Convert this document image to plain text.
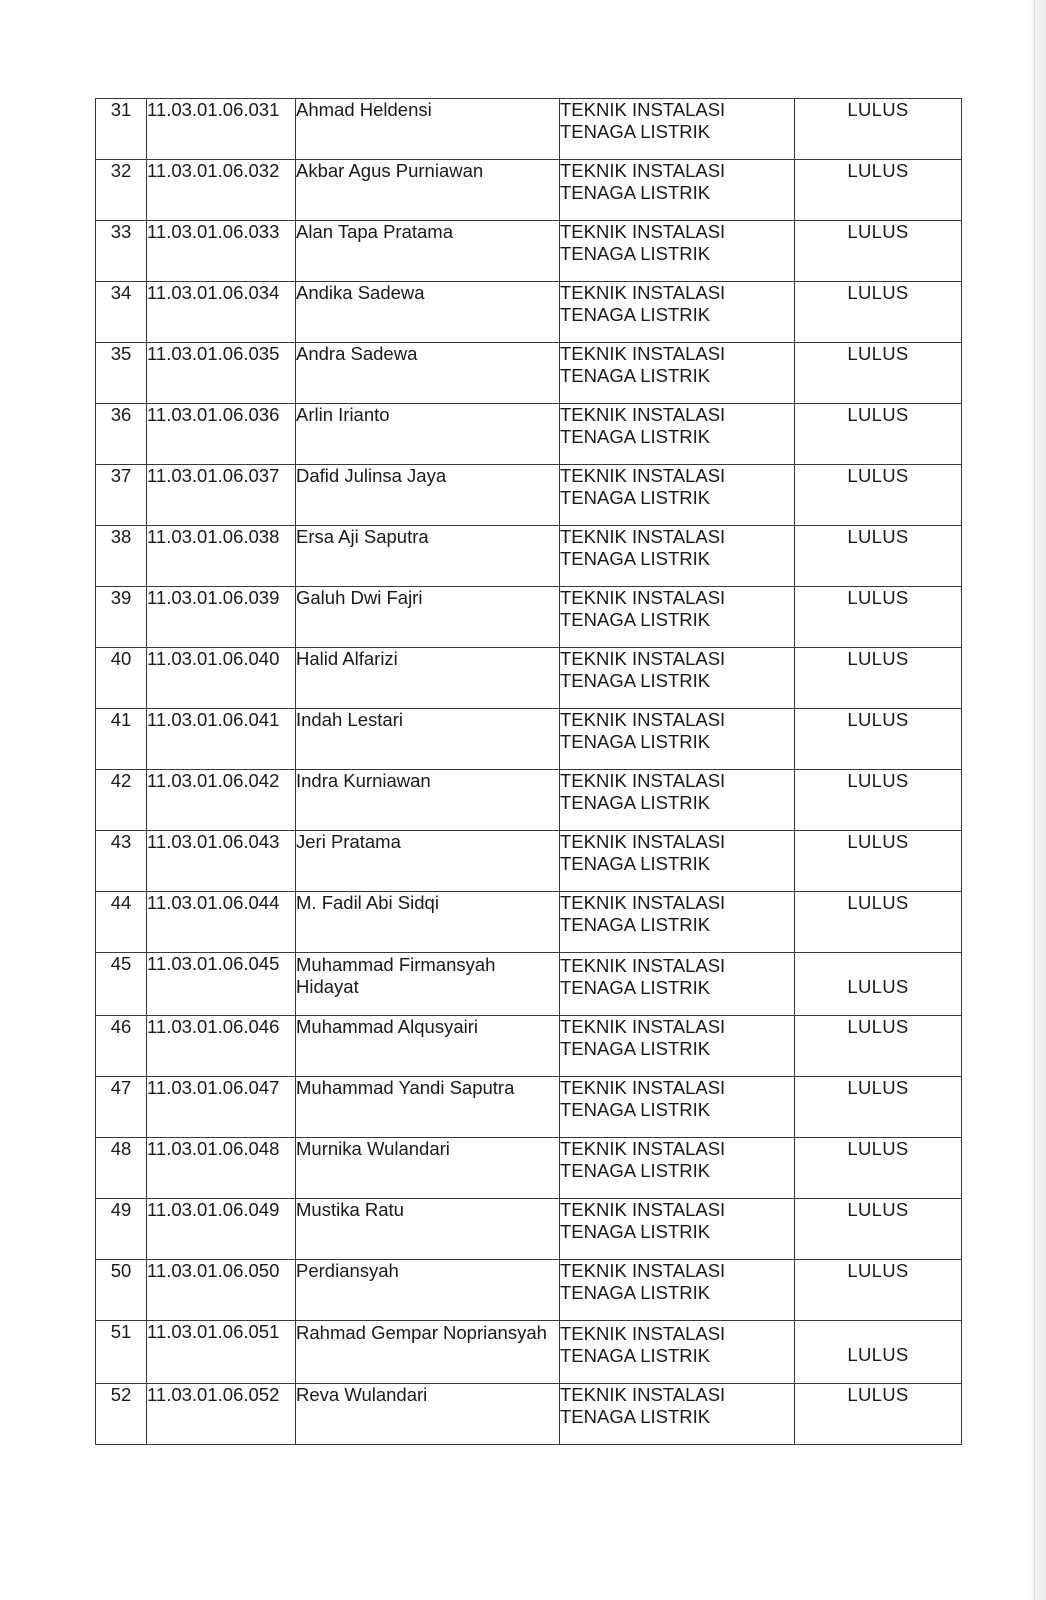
31	11.03.01.06.031	Ahmad Heldensi	TEKNIK INSTALASI
TENAGA LISTRIK	LULUS
32	11.03.01.06.032	Akbar Agus Purniawan	TEKNIK INSTALASI
TENAGA LISTRIK	LULUS
33	11.03.01.06.033	Alan Tapa Pratama	TEKNIK INSTALASI
TENAGA LISTRIK	LULUS
34	11.03.01.06.034	Andika Sadewa	TEKNIK INSTALASI
TENAGA LISTRIK	LULUS
35	11.03.01.06.035	Andra Sadewa	TEKNIK INSTALASI
TENAGA LISTRIK	LULUS
36	11.03.01.06.036	Arlin Irianto	TEKNIK INSTALASI
TENAGA LISTRIK	LULUS
37	11.03.01.06.037	Dafid Julinsa Jaya	TEKNIK INSTALASI
TENAGA LISTRIK	LULUS
38	11.03.01.06.038	Ersa Aji Saputra	TEKNIK INSTALASI
TENAGA LISTRIK	LULUS
39	11.03.01.06.039	Galuh Dwi Fajri	TEKNIK INSTALASI
TENAGA LISTRIK	LULUS
40	11.03.01.06.040	Halid Alfarizi	TEKNIK INSTALASI
TENAGA LISTRIK	LULUS
41	11.03.01.06.041	Indah Lestari	TEKNIK INSTALASI
TENAGA LISTRIK	LULUS
42	11.03.01.06.042	Indra Kurniawan	TEKNIK INSTALASI
TENAGA LISTRIK	LULUS
43	11.03.01.06.043	Jeri Pratama	TEKNIK INSTALASI
TENAGA LISTRIK	LULUS
44	11.03.01.06.044	M. Fadil Abi Sidqi	TEKNIK INSTALASI
TENAGA LISTRIK	LULUS
45	11.03.01.06.045	Muhammad Firmansyah Hidayat	TEKNIK INSTALASI
TENAGA LISTRIK	LULUS
46	11.03.01.06.046	Muhammad Alqusyairi	TEKNIK INSTALASI
TENAGA LISTRIK	LULUS
47	11.03.01.06.047	Muhammad Yandi Saputra	TEKNIK INSTALASI
TENAGA LISTRIK	LULUS
48	11.03.01.06.048	Murnika Wulandari	TEKNIK INSTALASI
TENAGA LISTRIK	LULUS
49	11.03.01.06.049	Mustika Ratu	TEKNIK INSTALASI
TENAGA LISTRIK	LULUS
50	11.03.01.06.050	Perdiansyah	TEKNIK INSTALASI
TENAGA LISTRIK	LULUS
51	11.03.01.06.051	Rahmad Gempar Nopriansyah	TEKNIK INSTALASI
TENAGA LISTRIK	LULUS
52	11.03.01.06.052	Reva Wulandari	TEKNIK INSTALASI
TENAGA LISTRIK	LULUS
